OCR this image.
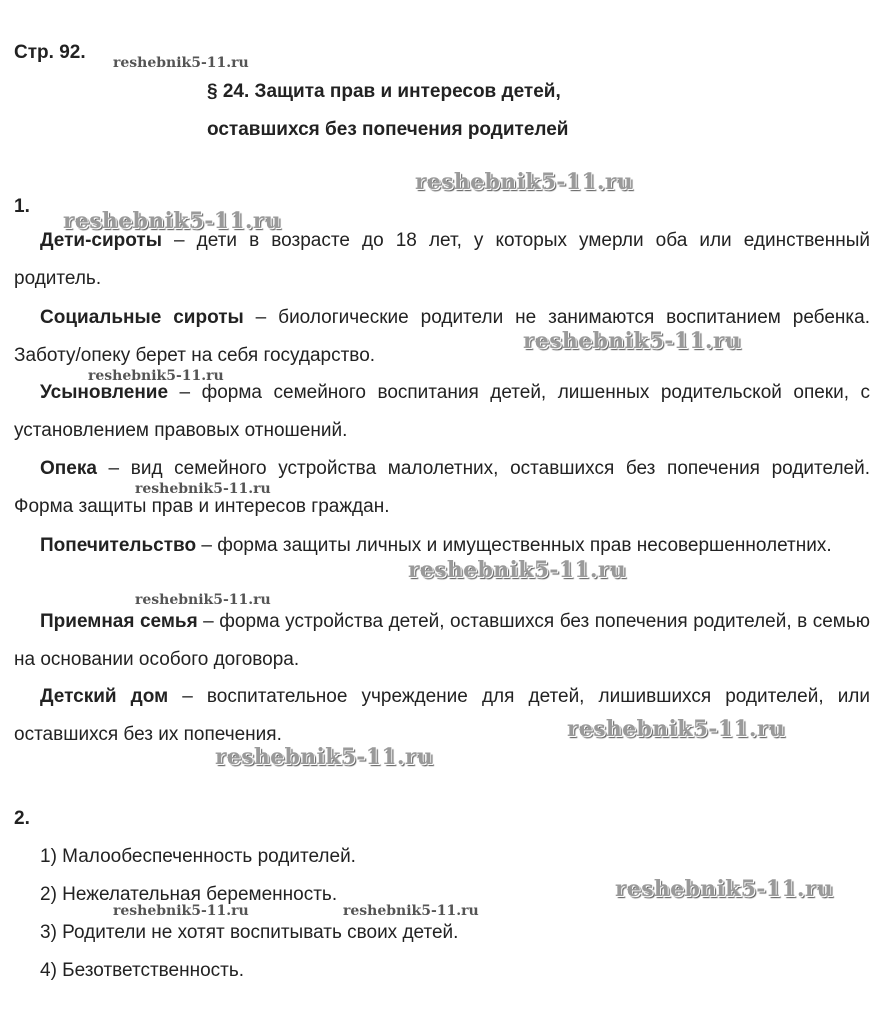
Стр. 92.
§ 24. Защита прав и интересов детей,
оставшихся без попечения родителей
1.

Дети-сироты – дети в возрасте до 18 лет, у которых умерли оба или единственный родитель.

Социальные сироты – биологические родители не занимаются воспитанием ребенка. Заботу/опеку берет на себя государство.

Усыновление – форма семейного воспитания детей, лишенных родительской опеки, с установлением правовых отношений.

Опека – вид семейного устройства малолетних, оставшихся без попечения родителей. Форма защиты прав и интересов граждан.

Попечительство – форма защиты личных и имущественных прав несовершеннолетних.

Приемная семья – форма устройства детей, оставшихся без попечения родителей, в семью на основании особого договора.

Детский дом – воспитательное учреждение для детей, лишившихся родителей, или оставшихся без их попечения.

2.
1) Малообеспеченность родителей.
2) Нежелательная беременность.
3) Родители не хотят воспитывать своих детей.
4) Безответственность.
reshebnik5-11.ru
reshebnik5-11.ru
reshebnik5-11.ru
reshebnik5-11.ru
reshebnik5-11.ru
reshebnik5-11.ru
reshebnik5-11.ru
reshebnik5-11.ru
reshebnik5-11.ru
reshebnik5-11.ru
reshebnik5-11.ru
reshebnik5-11.ru	reshebnik5-11.ru
